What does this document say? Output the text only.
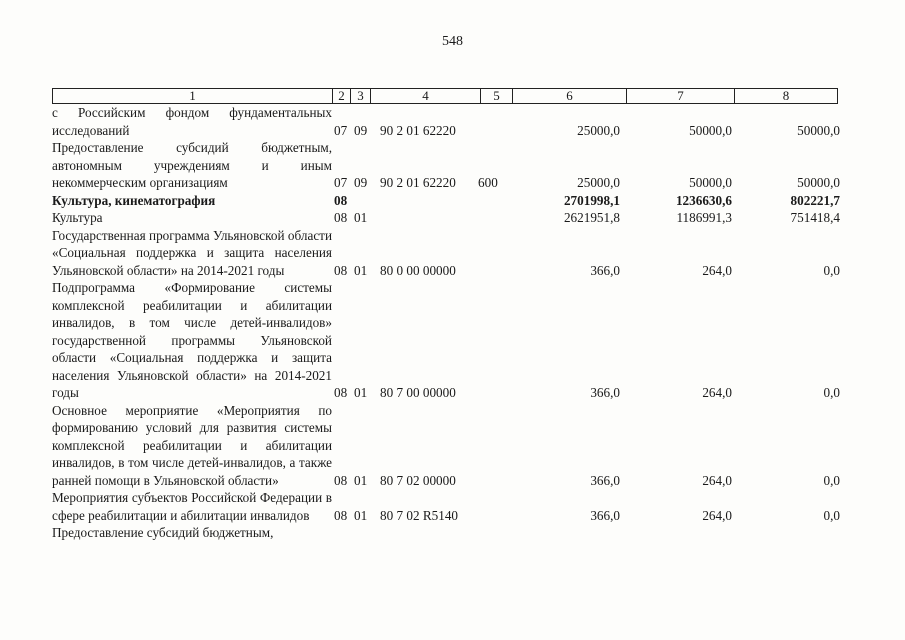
548
1	2 3	4	5	6	7	8
с Российским фондом фундаментальных исследований	07 09 90 2 01 62220	25000,0	50000,0	50000,0
Предоставление субсидий бюджетным, автономным учреждениям и иным некоммерческим организациям	07 09 90 2 01 62220	600	25000,0	50000,0	50000,0
Культура, кинематография	08	2701998,1	1236630,6	802221,7
Культура	08 01	2621951,8	1186991,3	751418,4
Государственная программа Ульяновской области «Социальная поддержка и защита населения Ульяновской области» на 2014-2021 годы	08 01 80 0 00 00000	366,0	264,0	0,0
Подпрограмма «Формирование системы комплексной реабилитации и абилитации инвалидов, в том числе детей-инвалидов» государственной программы Ульяновской области «Социальная поддержка и защита населения Ульяновской области» на 2014-2021 годы	08 01 80 7 00 00000	366,0	264,0	0,0
Основное мероприятие «Мероприятия по формированию условий для развития системы комплексной реабилитации и абилитации инвалидов, в том числе детей-инвалидов, а также ранней помощи в Ульяновской области»	08 01 80 7 02 00000	366,0	264,0	0,0
Мероприятия субъектов Российской Федерации в сфере реабилитации и абилитации инвалидов	08 01 80 7 02 R5140	366,0	264,0	0,0
Предоставление субсидий бюджетным,
